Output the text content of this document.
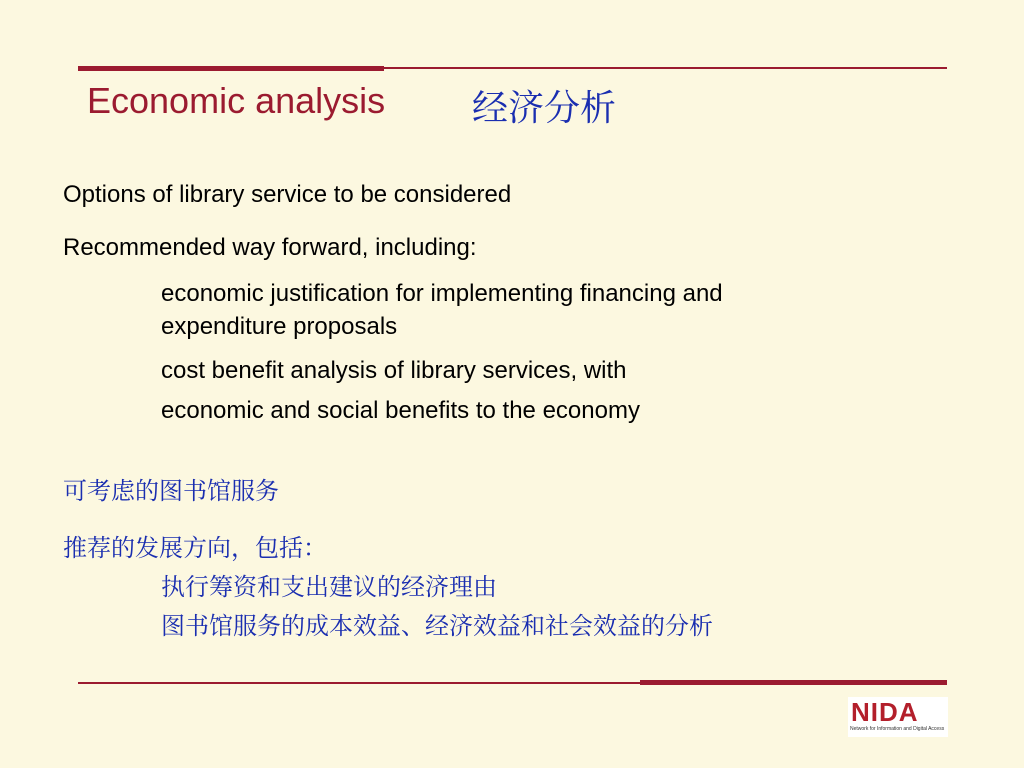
Economic analysis 经济分析
Options of library service to be considered
Recommended way forward, including:
economic justification for implementing financing and
expenditure proposals
cost benefit analysis of library services, with
economic and social benefits to the economy
可考虑的图书馆服务
推荐的发展方向，包括：
执行筹资和支出建议的经济理由
图书馆服务的成本效益、经济效益和社会效益的分析
NIDA
Network for Information and Digital Access
